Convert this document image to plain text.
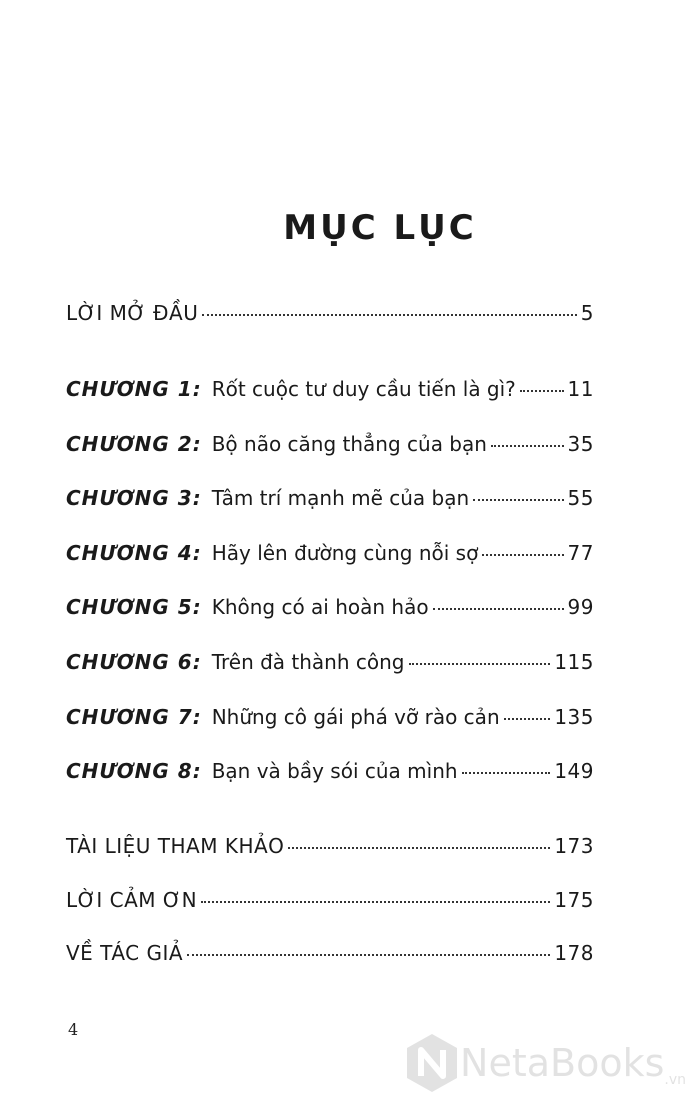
MỤC LỤC
LỜI MỞ ĐẦU	5
CHƯƠNG 1: Rốt cuộc tư duy cầu tiến là gì?	11
CHƯƠNG 2: Bộ não căng thẳng của bạn	35
CHƯƠNG 3: Tâm trí mạnh mẽ của bạn	55
CHƯƠNG 4: Hãy lên đường cùng nỗi sợ	77
CHƯƠNG 5: Không có ai hoàn hảo	99
CHƯƠNG 6: Trên đà thành công	115
CHƯƠNG 7: Những cô gái phá vỡ rào cản	135
CHƯƠNG 8: Bạn và bầy sói của mình	149
TÀI LIỆU THAM KHẢO	173
LỜI CẢM ƠN	175
VỀ TÁC GIẢ	178
4
NetaBooks .vn
